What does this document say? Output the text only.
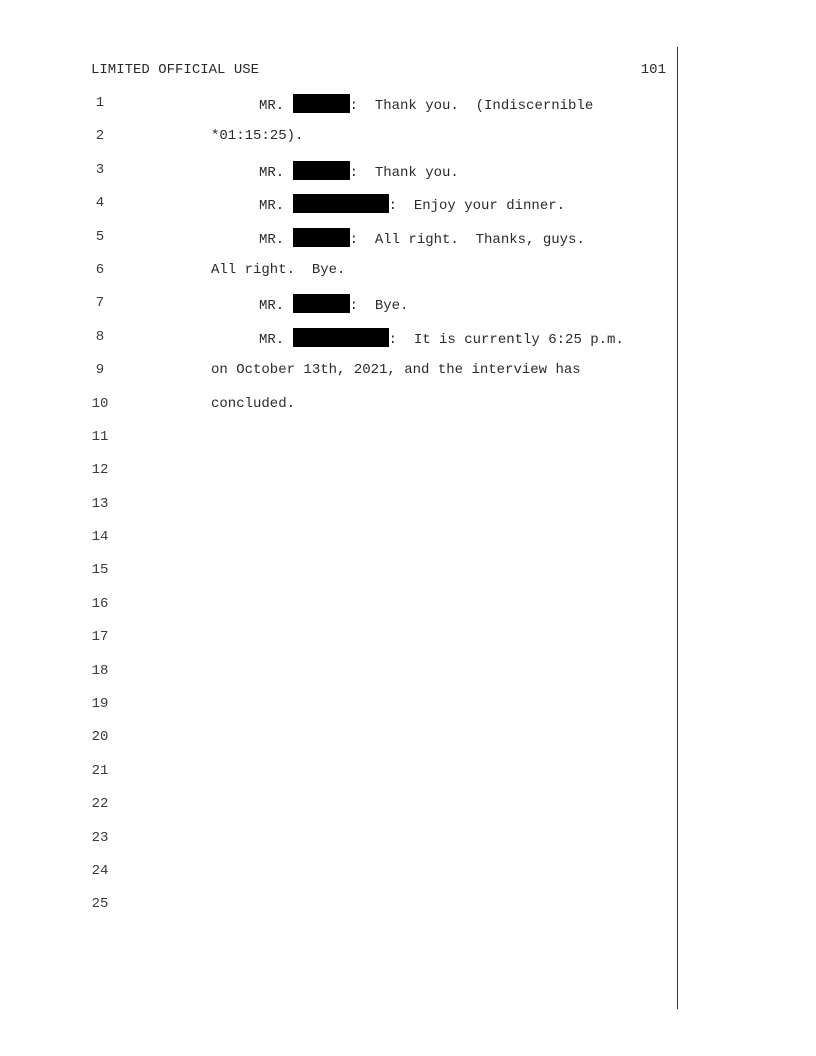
LIMITED OFFICIAL USE	101
1	MR.	:  Thank you.  (Indiscernible
2	*01:15:25).
3	MR.	:  Thank you.
4	MR.	:  Enjoy your dinner.
5	MR.	:  All right.  Thanks, guys.
6	All right.  Bye.
7	MR.	:  Bye.
8	MR.	:  It is currently 6:25 p.m.
9	on October 13th, 2021, and the interview has
10	concluded.
11
12
13
14
15
16
17
18
19
20
21
22
23
24
25
